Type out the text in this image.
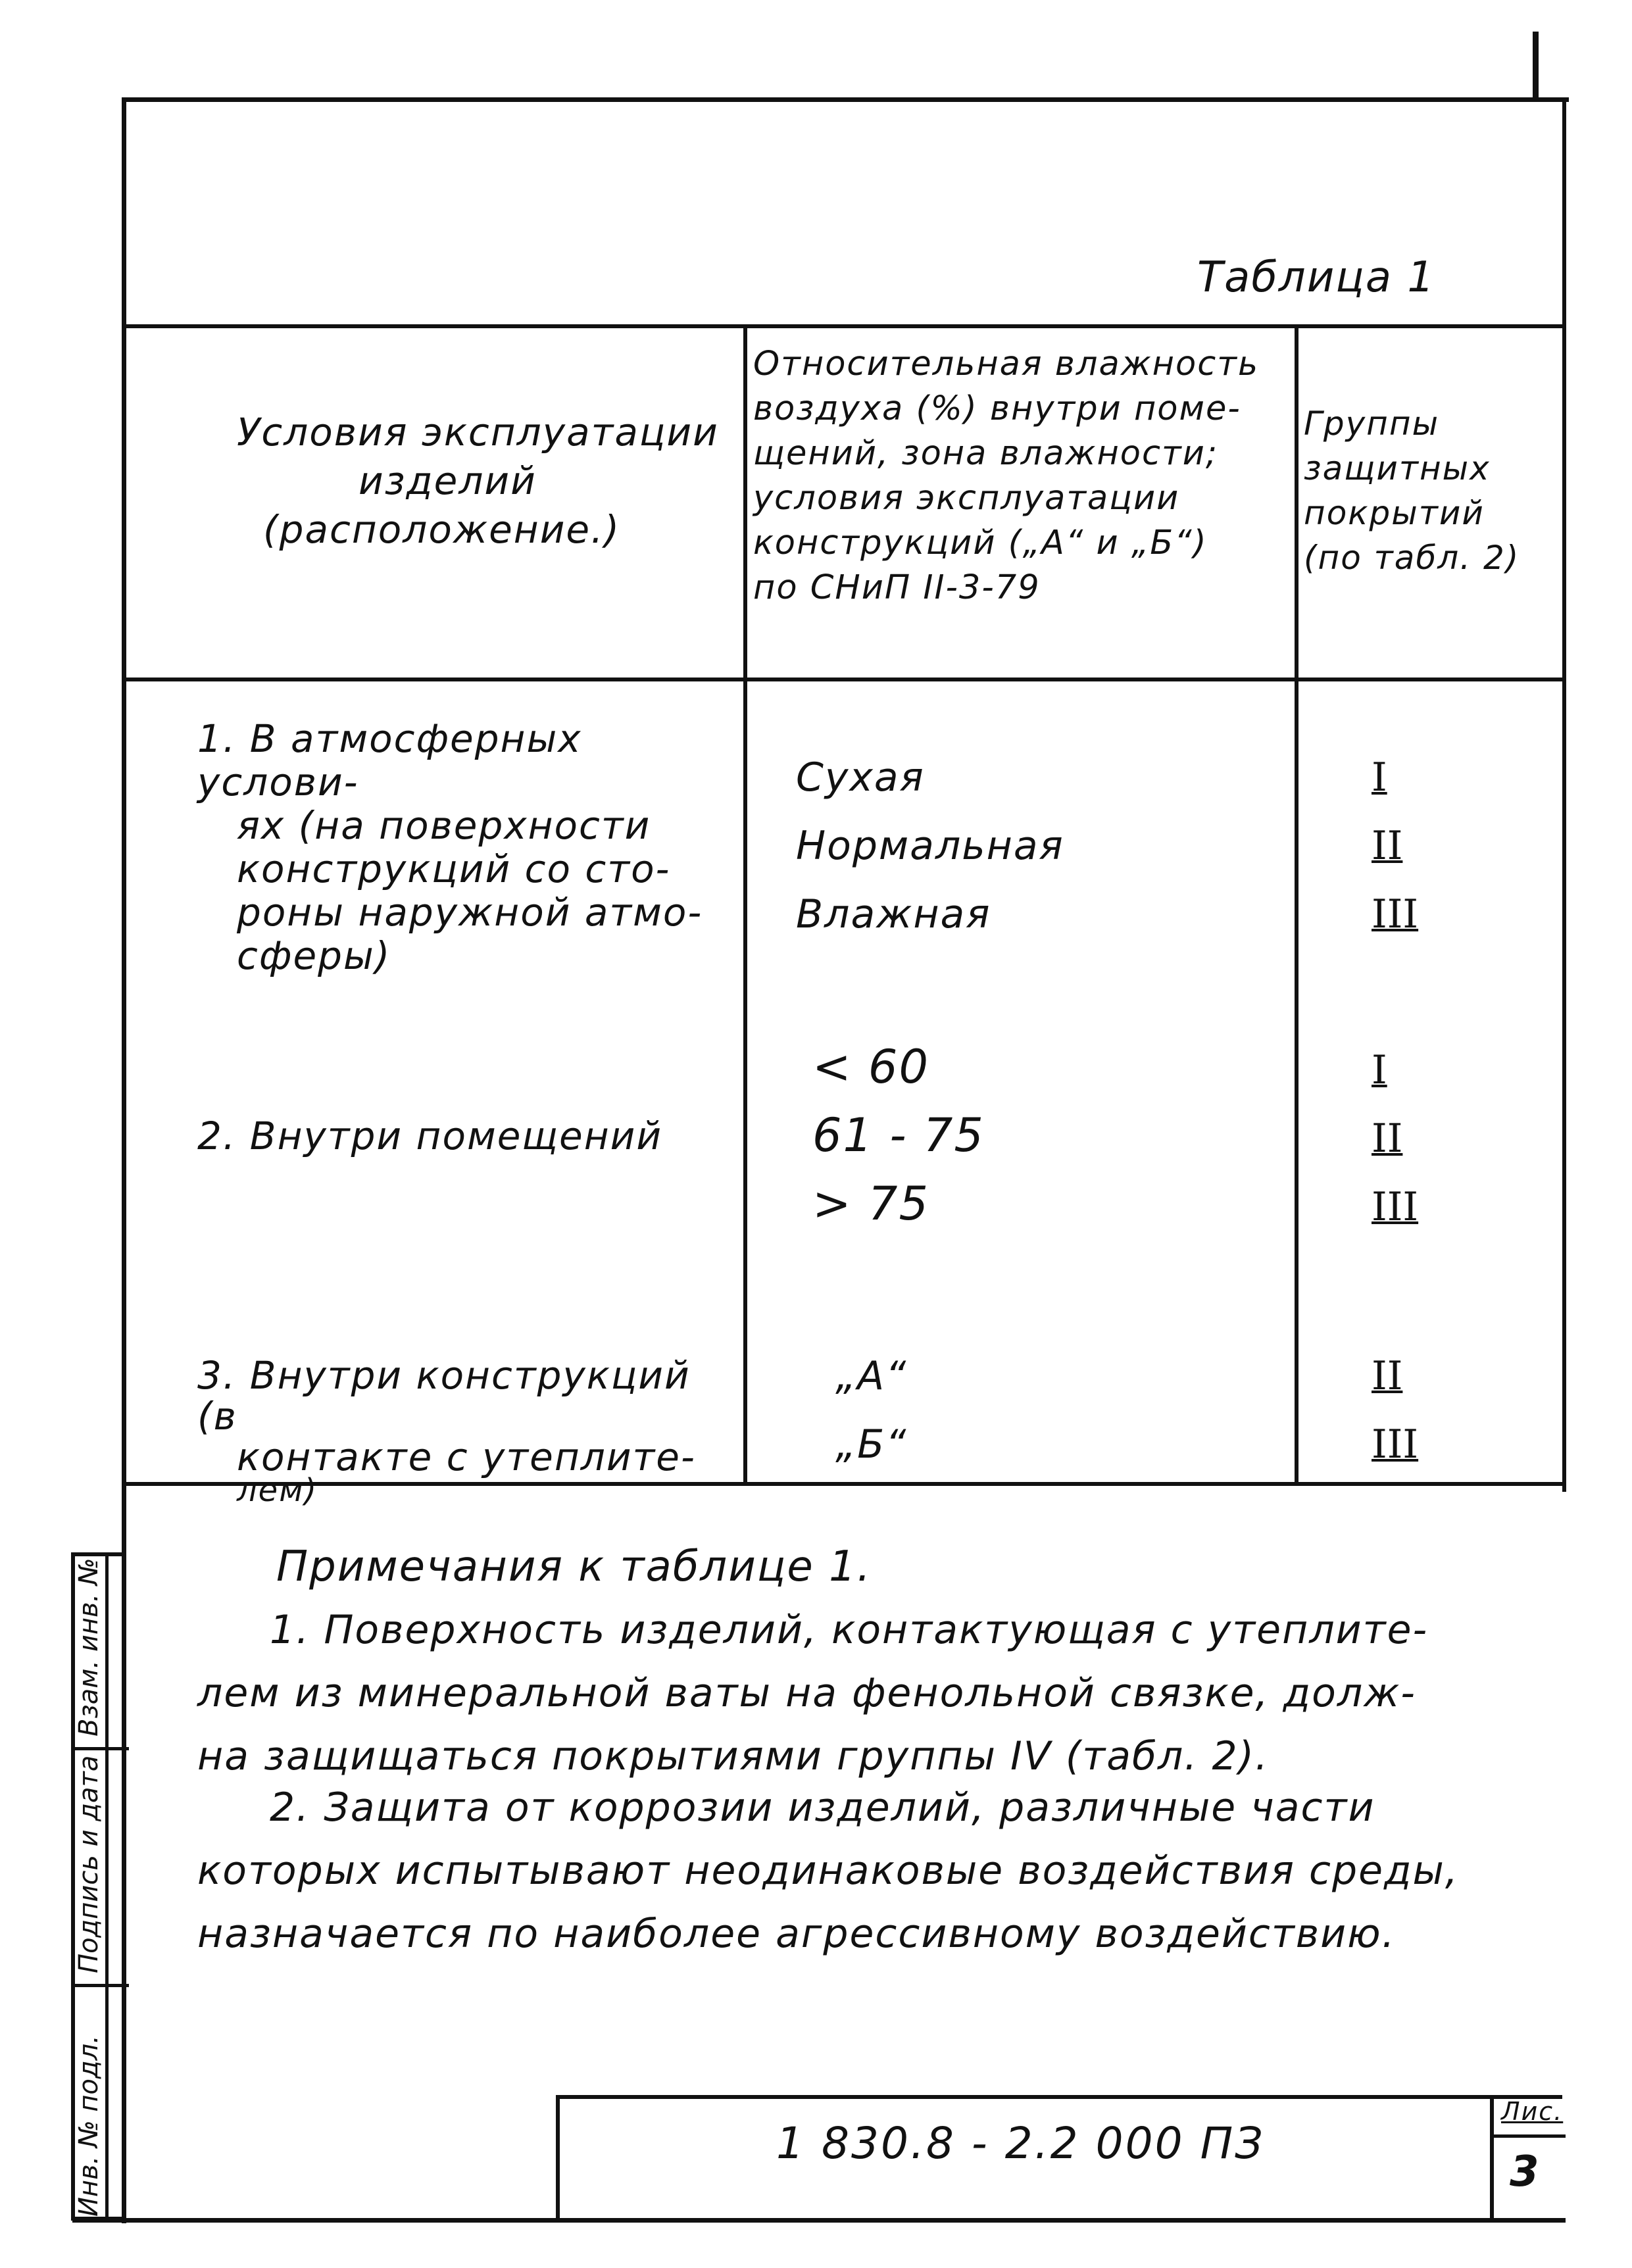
Таблица 1
Условия эксплуатации
изделий
(расположение.)
Относительная влажность
воздуха (%) внутри поме-
щений, зона влажности;
условия эксплуатации
конструкций („А“ и „Б“)
по СНиП II-3-79
Группы
защитных
покрытий
(по табл. 2)
1. В атмосферных услови-
ях (на поверхности
конструкций со сто-
роны наружной атмо-
сферы)
Сухая
Нормальная
Влажная
I
II
III
2. Внутри помещений
< 60
61 - 75
> 75
I
II
III
3. Внутри конструкций (в
контакте с утеплите-
лем)
„А“
„Б“
II
III
Примечания к таблице 1.
1. Поверхность изделий, контактующая с утеплите-
лем из минеральной ваты на фенольной связке, долж-
на защищаться покрытиями группы IV (табл. 2).
2. Защита от коррозии изделий, различные части
которых испытывают неодинаковые воздействия среды,
назначается по наиболее агрессивному воздействию.
Инв. № подл.
Подпись и дата
Взам. инв. №
1 830.8 - 2.2 000 ПЗ
Лис.
3
